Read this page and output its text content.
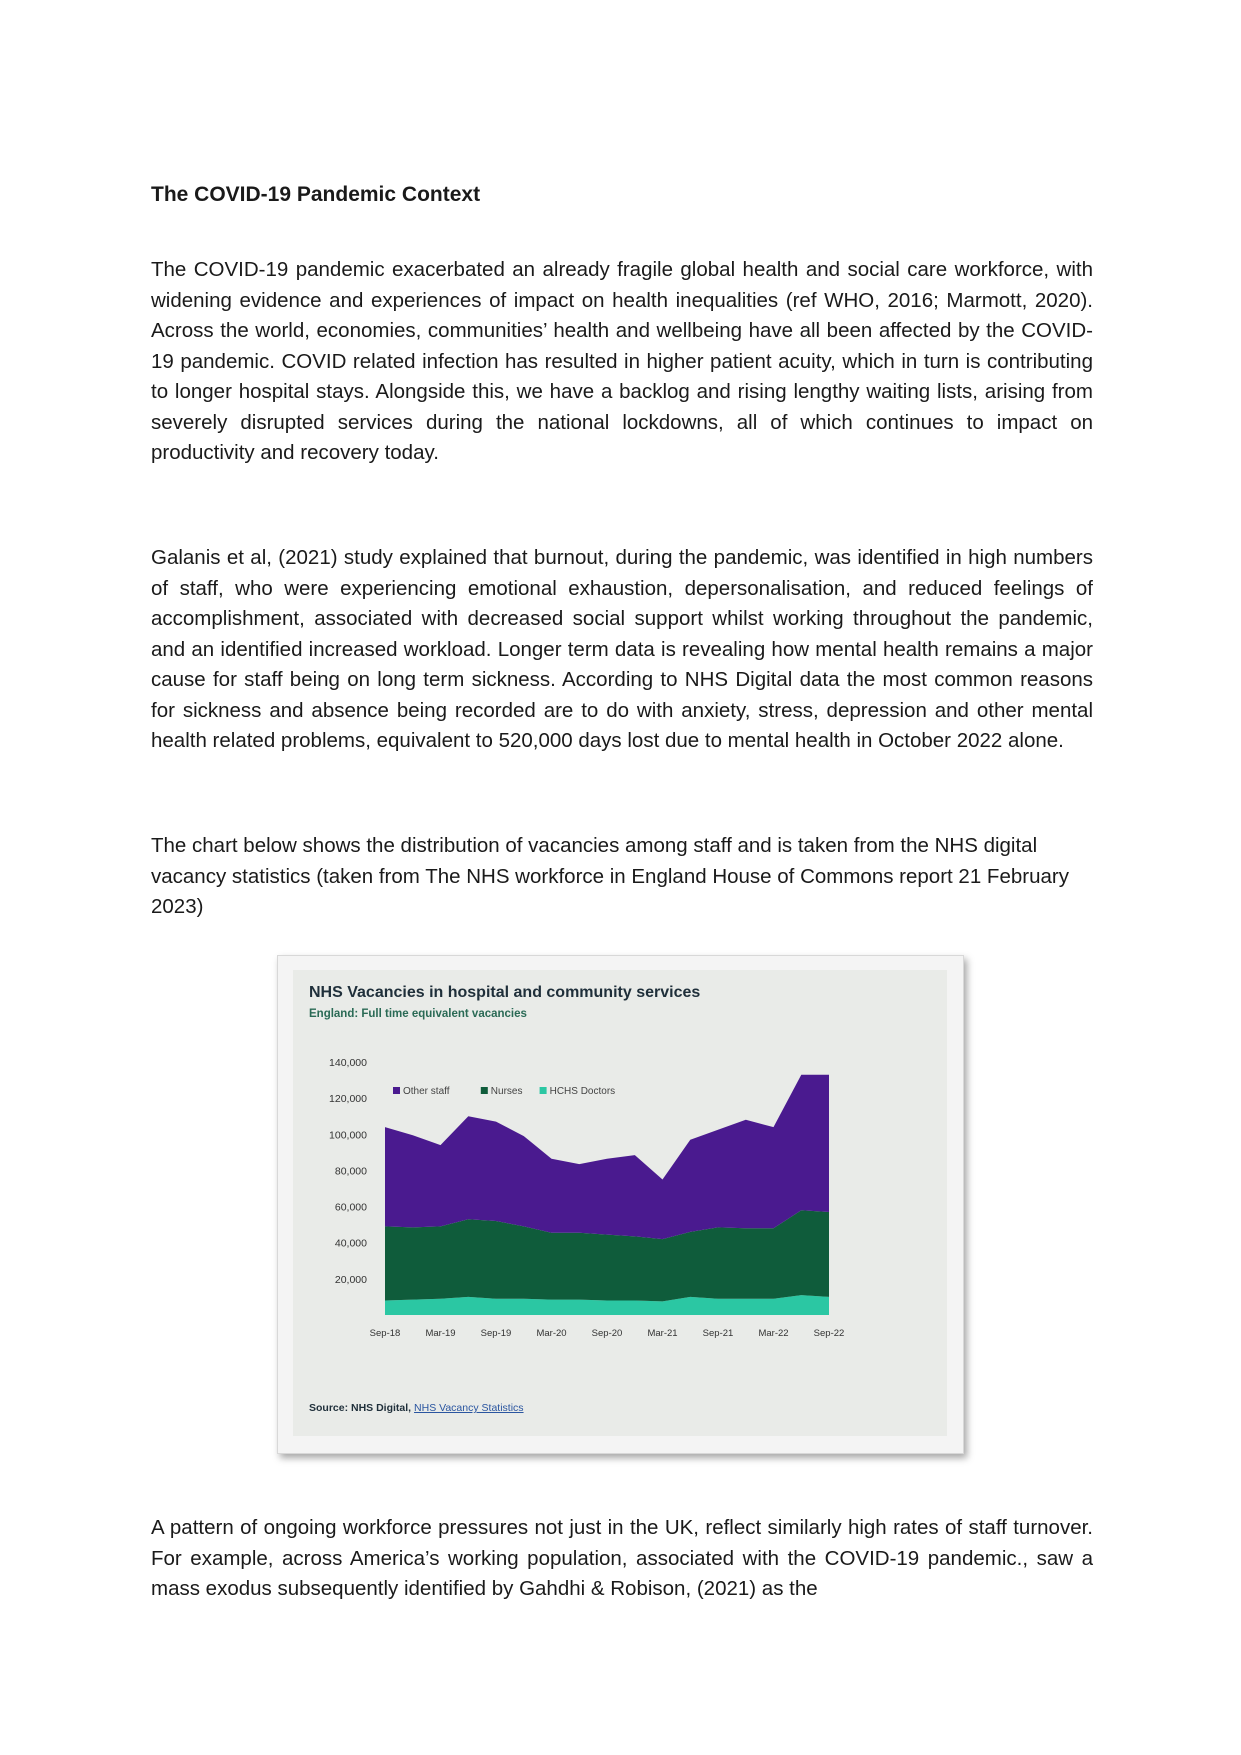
The COVID-19 Pandemic Context

The COVID-19 pandemic exacerbated an already fragile global health and social care workforce, with widening evidence and experiences of impact on health inequalities (ref WHO, 2016; Marmott, 2020). Across the world, economies, communities’ health and wellbeing have all been affected by the COVID-19 pandemic. COVID related infection has resulted in higher patient acuity, which in turn is contributing to longer hospital stays. Alongside this, we have a backlog and rising lengthy waiting lists, arising from severely disrupted services during the national lockdowns, all of which continues to impact on productivity and recovery today.

Galanis et al, (2021) study explained that burnout, during the pandemic, was identified in high numbers of staff, who were experiencing emotional exhaustion, depersonalisation, and reduced feelings of accomplishment, associated with decreased social support whilst working throughout the pandemic, and an identified increased workload. Longer term data is revealing how mental health remains a major cause for staff being on long term sickness. According to NHS Digital data the most common reasons for sickness and absence being recorded are to do with anxiety, stress, depression and other mental health related problems, equivalent to 520,000 days lost due to mental health in October 2022 alone.

The chart below shows the distribution of vacancies among staff and is taken from the NHS digital vacancy statistics (taken from The NHS workforce in England House of Commons report 21 February 2023)

A pattern of ongoing workforce pressures not just in the UK, reflect similarly high rates of staff turnover. For example, across America’s working population, associated with the COVID-19 pandemic., saw a mass exodus subsequently identified by Gahdhi & Robison, (2021) as the

NHS Vacancies in hospital and community services

England: Full time equivalent vacancies

20,000
40,000
60,000
80,000
100,000
120,000
140,000
Sep-18	Mar-19	Sep-19	Mar-20	Sep-20	Mar-21	Sep-21	Mar-22	Sep-22
Other staff	Nurses	HCHS Doctors
Source: NHS Digital, NHS Vacancy Statistics
